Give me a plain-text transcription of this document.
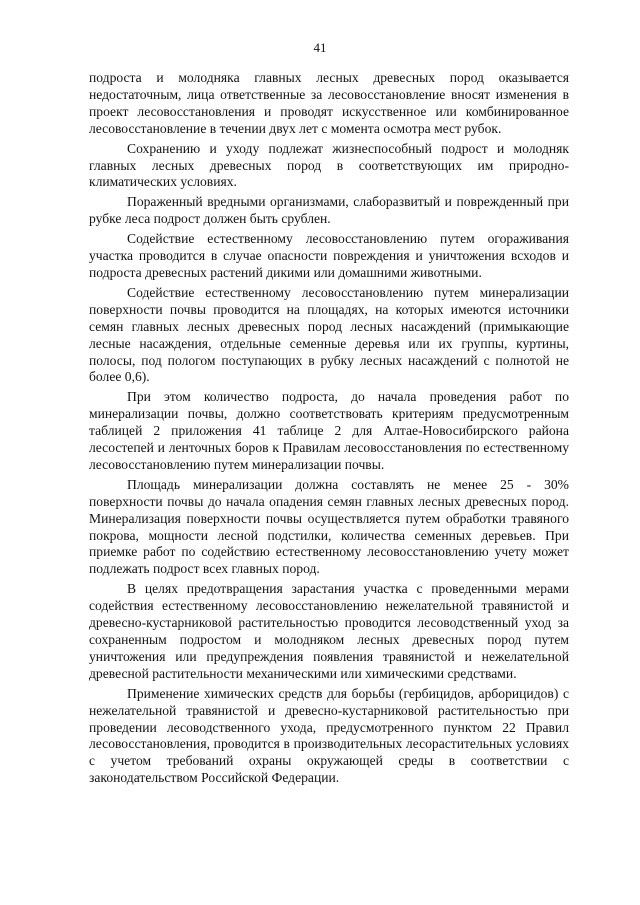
41

подроста и молодняка главных лесных древесных пород оказывается недостаточным, лица ответственные за лесовосстановление вносят изменения в проект лесовосстановления и проводят искусственное или комбинированное лесовосстановление в течении двух лет с момента осмотра мест рубок.

Сохранению и уходу подлежат жизнеспособный подрост и молодняк главных лесных древесных пород в соответствующих им природно-климатических условиях.

Пораженный вредными организмами, слаборазвитый и поврежденный при рубке леса подрост должен быть срублен.

Содействие естественному лесовосстановлению путем огораживания участка проводится в случае опасности повреждения и уничтожения всходов и подроста древесных растений дикими или домашними животными.

Содействие естественному лесовосстановлению путем минерализации поверхности почвы проводится на площадях, на которых имеются источники семян главных лесных древесных пород лесных насаждений (примыкающие лесные насаждения, отдельные семенные деревья или их группы, куртины, полосы, под пологом поступающих в рубку лесных насаждений с полнотой не более 0,6).

При этом количество подроста, до начала проведения работ по минерализации почвы, должно соответствовать критериям предусмотренным таблицей 2 приложения 41 таблице 2 для Алтае-Новосибирского района лесостепей и ленточных боров к Правилам лесовосстановления по естественному лесовосстановлению путем минерализации почвы.

Площадь минерализации должна составлять не менее 25 - 30% поверхности почвы до начала опадения семян главных лесных древесных пород. Минерализация поверхности почвы осуществляется путем обработки травяного покрова, мощности лесной подстилки, количества семенных деревьев. При приемке работ по содействию естественному лесовосстановлению учету может подлежать подрост всех главных пород.

В целях предотвращения зарастания участка с проведенными мерами содействия естественному лесовосстановлению нежелательной травянистой и древесно-кустарниковой растительностью проводится лесоводственный уход за сохраненным подростом и молодняком лесных древесных пород путем уничтожения или предупреждения появления травянистой и нежелательной древесной растительности механическими или химическими средствами.

Применение химических средств для борьбы (гербицидов, арборицидов) с нежелательной травянистой и древесно-кустарниковой растительностью при проведении лесоводственного ухода, предусмотренного пунктом 22 Правил лесовосстановления, проводится в производительных лесорастительных условиях с учетом требований охраны окружающей среды в соответствии с законодательством Российской Федерации.
